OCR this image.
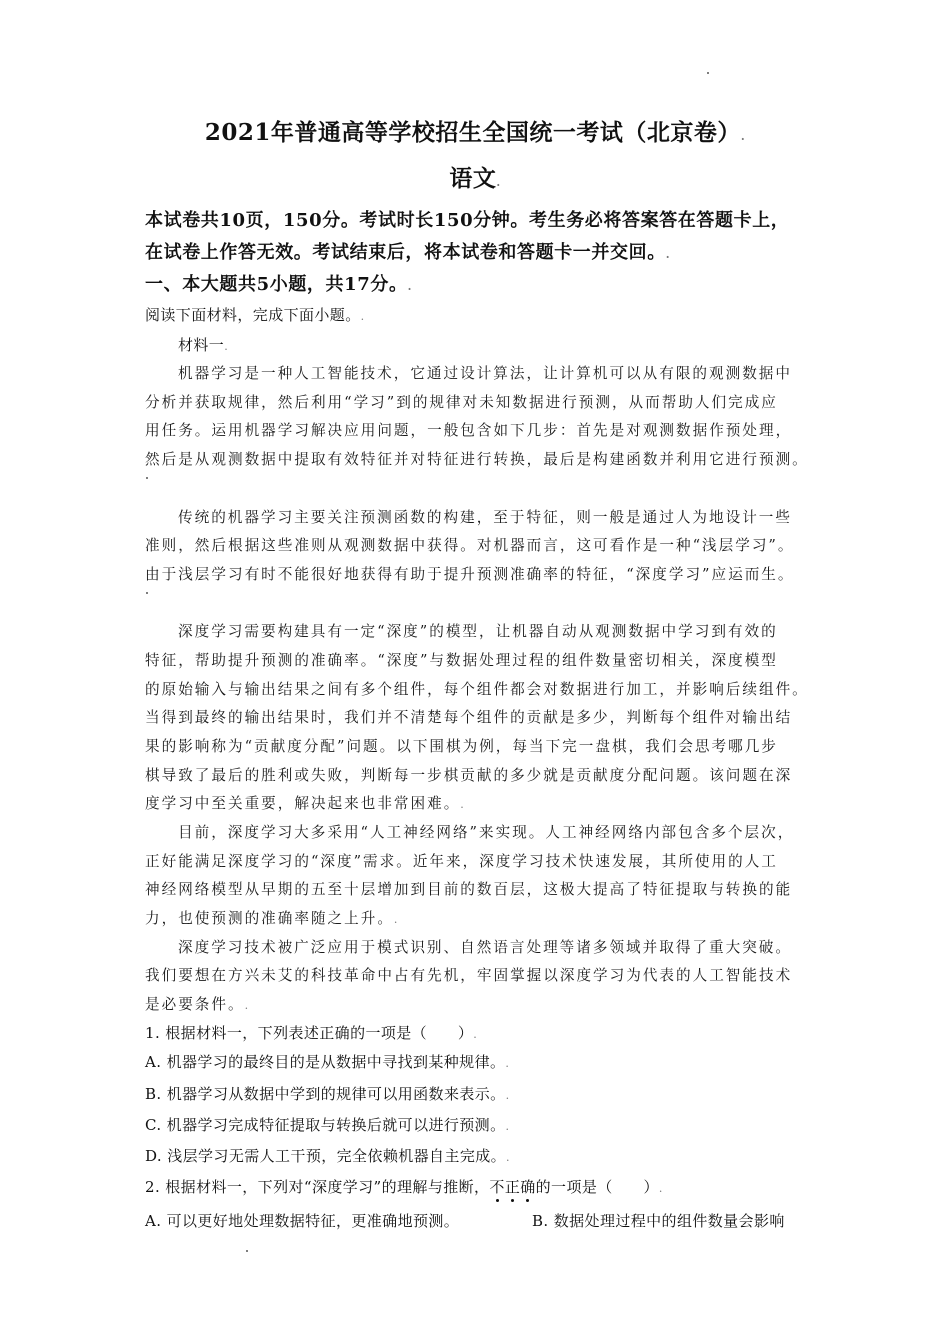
2021年普通高等学校招生全国统一考试（北京卷）.
语文.
本试卷共10页，150分。考试时长150分钟。考生务必将答案答在答题卡上，
在试卷上作答无效。考试结束后，将本试卷和答题卡一并交回。.
一、本大题共5小题，共17分。.
阅读下面材料，完成下面小题。.
材料一.
机器学习是一种人工智能技术，它通过设计算法，让计算机可以从有限的观测数据中
分析并获取规律，然后利用“学习”到的规律对未知数据进行预测，从而帮助人们完成应
用任务。运用机器学习解决应用问题，一般包含如下几步：首先是对观测数据作预处理，
然后是从观测数据中提取有效特征并对特征进行转换，最后是构建函数并利用它进行预测。
传统的机器学习主要关注预测函数的构建，至于特征，则一般是通过人为地设计一些
准则，然后根据这些准则从观测数据中获得。对机器而言，这可看作是一种“浅层学习”。
由于浅层学习有时不能很好地获得有助于提升预测准确率的特征，“深度学习”应运而生。
深度学习需要构建具有一定“深度”的模型，让机器自动从观测数据中学习到有效的
特征，帮助提升预测的准确率。“深度”与数据处理过程的组件数量密切相关，深度模型
的原始输入与输出结果之间有多个组件，每个组件都会对数据进行加工，并影响后续组件。
当得到最终的输出结果时，我们并不清楚每个组件的贡献是多少，判断每个组件对输出结
果的影响称为“贡献度分配”问题。以下围棋为例，每当下完一盘棋，我们会思考哪几步
棋导致了最后的胜利或失败，判断每一步棋贡献的多少就是贡献度分配问题。该问题在深
度学习中至关重要，解决起来也非常困难。.
目前，深度学习大多采用“人工神经网络”来实现。人工神经网络内部包含多个层次，
正好能满足深度学习的“深度”需求。近年来，深度学习技术快速发展，其所使用的人工
神经网络模型从早期的五至十层增加到目前的数百层，这极大提高了特征提取与转换的能
力，也使预测的准确率随之上升。.
深度学习技术被广泛应用于模式识别、自然语言处理等诸多领域并取得了重大突破。
我们要想在方兴未艾的科技革命中占有先机，牢固掌握以深度学习为代表的人工智能技术
是必要条件。.
1. 根据材料一，下列表述正确的一项是（　　）.
A. 机器学习的最终目的是从数据中寻找到某种规律。.
B. 机器学习从数据中学到的规律可以用函数来表示。.
C. 机器学习完成特征提取与转换后就可以进行预测。.
D. 浅层学习无需人工干预，完全依赖机器自主完成。.
2. 根据材料一，下列对“深度学习”的理解与推断，不
正
确
的一项是（　　）.
A. 可以更好地处理数据特征，更准确地预测。	B. 数据处理过程中的组件数量会影响
